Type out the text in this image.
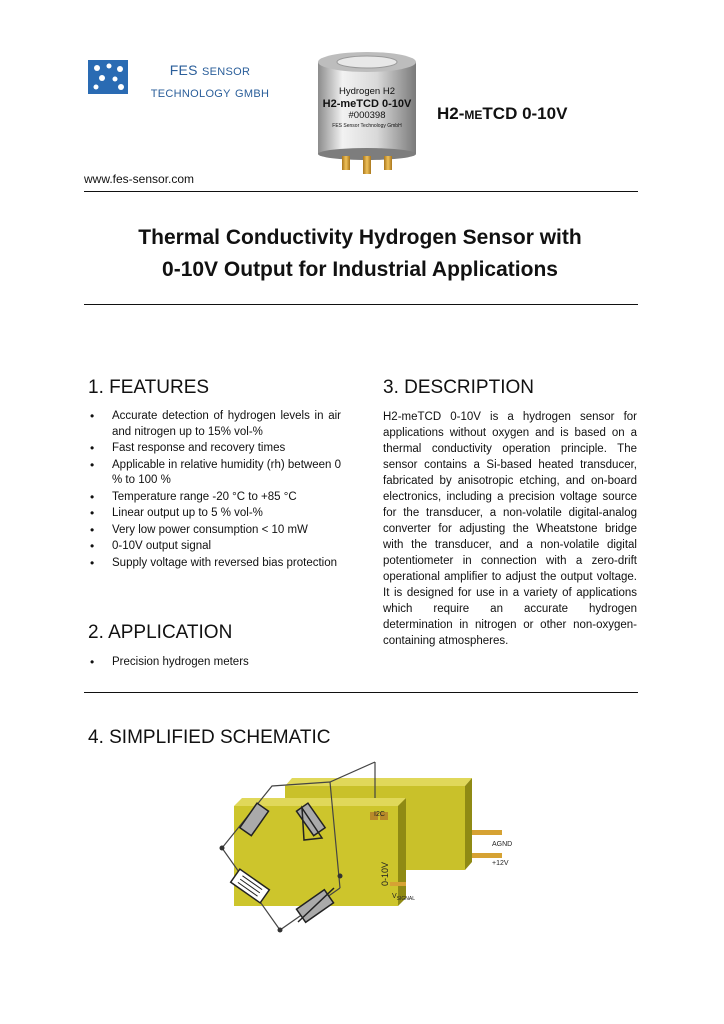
FES SENSOR
TECHNOLOGY GMBH	Hydrogen H2
H2-meTCD 0-10V
#000398
FES Sensor Technology GmbH
H2-METCD 0-10V
www.fes-sensor.com
Thermal Conductivity Hydrogen Sensor with
0-10V Output for Industrial Applications
1. FEATURES
• Accurate detection of hydrogen levels in air and nitrogen up to 15% vol-%
• Fast response and recovery times
• Applicable in relative humidity (rh) between 0 % to 100 %
• Temperature range -20 °C to +85 °C
• Linear output up to 5 % vol-%
• Very low power consumption < 10 mW
• 0-10V output signal
• Supply voltage with reversed bias protection
2. APPLICATION
• Precision hydrogen meters
3. DESCRIPTION
H2-meTCD 0-10V is a hydrogen sensor for applications without oxygen and is based on a thermal conductivity operation principle. The sensor contains a Si-based heated transducer, fabricated by anisotropic etching, and on-board electronics, including a precision voltage source for the transducer, a non-volatile digital-analog converter for adjusting the Wheatstone bridge with the transducer, and a non-volatile digital potentiometer in connection with a zero-drift operational amplifier to adjust the output voltage. It is designed for use in a variety of applications which require an accurate hydrogen determination in nitrogen or other non-oxygen-containing atmospheres.
4. SIMPLIFIED SCHEMATIC
I2C
AGND
+12V
0-10V
$V_{SIGNAL}$
